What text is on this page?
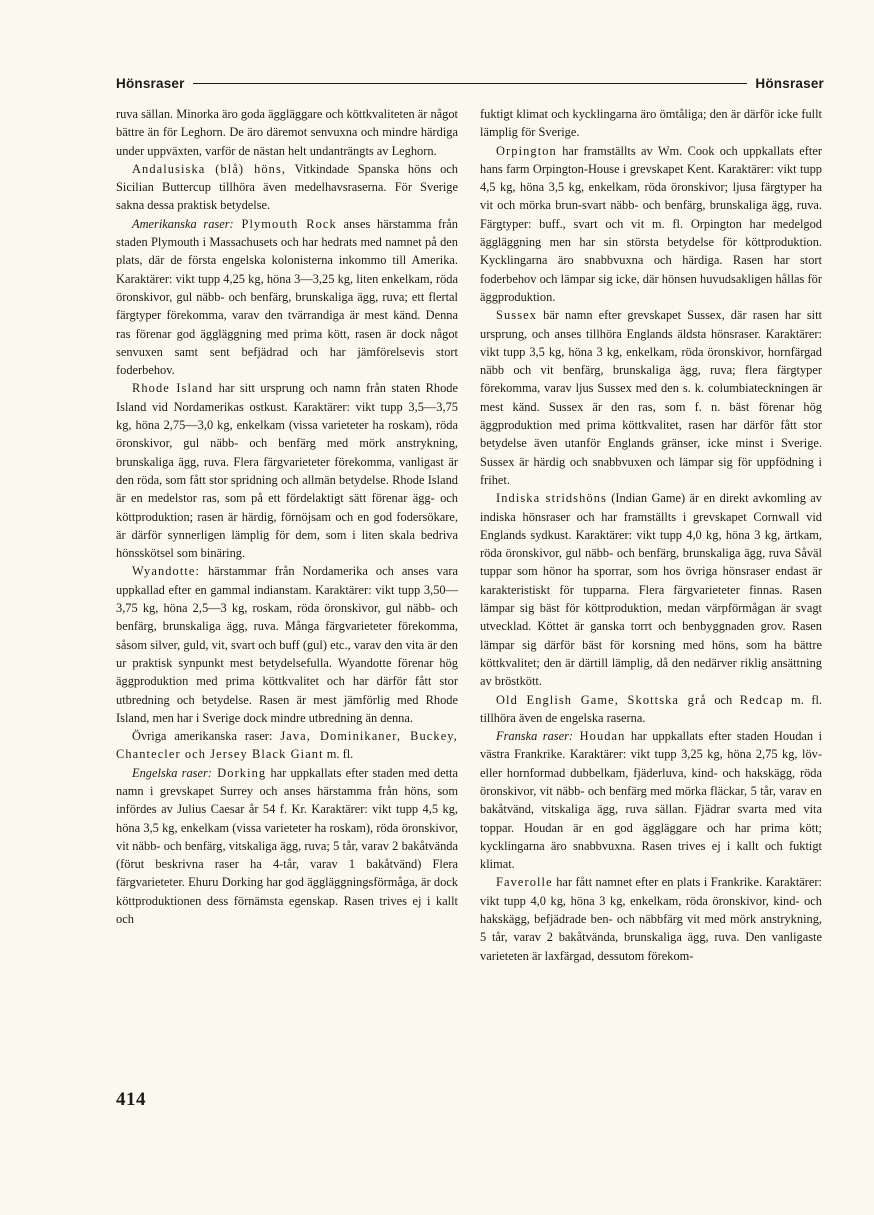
Hönsraser	Hönsraser

ruva sällan. Minorka äro goda äggläggare och köttkvaliteten är något bättre än för Leghorn. De äro däremot senvuxna och mindre härdiga under uppväxten, varför de nästan helt undanträngts av Leghorn.

Andalusiska (blå) höns, Vitkindade Spanska höns och Sicilian Buttercup tillhöra även medelhavsraserna. För Sverige sakna dessa praktisk betydelse.

Amerikanska raser: Plymouth Rock anses härstamma från staden Plymouth i Massachusets och har hedrats med namnet på den plats, där de första engelska kolonisterna inkommo till Amerika. Karaktärer: vikt tupp 4,25 kg, höna 3—3,25 kg, liten enkelkam, röda öronskivor, gul näbb- och benfärg, brunskaliga ägg, ruva; ett flertal färgtyper förekomma, varav den tvärrandiga är mest känd. Denna ras förenar god äggläggning med prima kött, rasen är dock något senvuxen samt sent befjädrad och har jämförelsevis stort foderbehov.

Rhode Island har sitt ursprung och namn från staten Rhode Island vid Nordamerikas ostkust. Karaktärer: vikt tupp 3,5—3,75 kg, höna 2,75—3,0 kg, enkelkam (vissa varieteter ha roskam), röda öronskivor, gul näbb- och benfärg med mörk anstrykning, brunskaliga ägg, ruva. Flera färgvarieteter förekomma, vanligast är den röda, som fått stor spridning och allmän betydelse. Rhode Island är en medelstor ras, som på ett fördelaktigt sätt förenar ägg- och köttproduktion; rasen är härdig, förnöjsam och en god fodersökare, är därför synnerligen lämplig för dem, som i liten skala bedriva hönsskötsel som binäring.

Wyandotte: härstammar från Nordamerika och anses vara uppkallad efter en gammal indianstam. Karaktärer: vikt tupp 3,50—3,75 kg, höna 2,5—3 kg, roskam, röda öronskivor, gul näbb- och benfärg, brunskaliga ägg, ruva. Många färgvarieteter förekomma, såsom silver, guld, vit, svart och buff (gul) etc., varav den vita är den ur praktisk synpunkt mest betydelsefulla. Wyandotte förenar hög äggproduktion med prima köttkvalitet och har därför fått stor utbredning och betydelse. Rasen är mest jämförlig med Rhode Island, men har i Sverige dock mindre utbredning än denna.

Övriga amerikanska raser: Java, Dominikaner, Buckey, Chantecler och Jersey Black Giant m. fl.

Engelska raser: Dorking har uppkallats efter staden med detta namn i grevskapet Surrey och anses härstamma från höns, som infördes av Julius Caesar år 54 f. Kr. Karaktärer: vikt tupp 4,5 kg, höna 3,5 kg, enkelkam (vissa varieteter ha roskam), röda öronskivor, vit näbb- och benfärg, vitskaliga ägg, ruva; 5 tår, varav 2 bakåtvända (förut beskrivna raser ha 4-tår, varav 1 bakåtvänd) Flera färgvarieteter. Ehuru Dorking har god äggläggningsförmåga, är dock köttproduktionen dess förnämsta egenskap. Rasen trives ej i kallt och

fuktigt klimat och kycklingarna äro ömtåliga; den är därför icke fullt lämplig för Sverige.

Orpington har framställts av Wm. Cook och uppkallats efter hans farm Orpington-House i grevskapet Kent. Karaktärer: vikt tupp 4,5 kg, höna 3,5 kg, enkelkam, röda öronskivor; ljusa färgtyper ha vit och mörka brun-svart näbb- och benfärg, brunskaliga ägg, ruva. Färgtyper: buff., svart och vit m. fl. Orpington har medelgod äggläggning men har sin största betydelse för köttproduktion. Kycklingarna äro snabbvuxna och härdiga. Rasen har stort foderbehov och lämpar sig icke, där hönsen huvudsakligen hållas för äggproduktion.

Sussex bär namn efter grevskapet Sussex, där rasen har sitt ursprung, och anses tillhöra Englands äldsta hönsraser. Karaktärer: vikt tupp 3,5 kg, höna 3 kg, enkelkam, röda öronskivor, hornfärgad näbb och vit benfärg, brunskaliga ägg, ruva; flera färgtyper förekomma, varav ljus Sussex med den s. k. columbiateckningen är mest känd. Sussex är den ras, som f. n. bäst förenar hög äggproduktion med prima köttkvalitet, rasen har därför fått stor betydelse även utanför Englands gränser, icke minst i Sverige. Sussex är härdig och snabbvuxen och lämpar sig för uppfödning i frihet.

Indiska stridshöns (Indian Game) är en direkt avkomling av indiska hönsraser och har framställts i grevskapet Cornwall vid Englands sydkust. Karaktärer: vikt tupp 4,0 kg, höna 3 kg, ärtkam, röda öronskivor, gul näbb- och benfärg, brunskaliga ägg, ruva Såväl tuppar som hönor ha sporrar, som hos övriga hönsraser endast är karakteristiskt för tupparna. Flera färgvarieteter finnas. Rasen lämpar sig bäst för köttproduktion, medan värpförmågan är svagt utvecklad. Köttet är ganska torrt och benbyggnaden grov. Rasen lämpar sig därför bäst för korsning med höns, som ha bättre köttkvalitet; den är därtill lämplig, då den nedärver riklig ansättning av bröstkött.

Old English Game, Skottska grå och Redcap m. fl. tillhöra även de engelska raserna.

Franska raser: Houdan har uppkallats efter staden Houdan i västra Frankrike. Karaktärer: vikt tupp 3,25 kg, höna 2,75 kg, löv- eller hornformad dubbelkam, fjäderluva, kind- och hakskägg, röda öronskivor, vit näbb- och benfärg med mörka fläckar, 5 tår, varav en bakåtvänd, vitskaliga ägg, ruva sällan. Fjädrar svarta med vita toppar. Houdan är en god äggläggare och har prima kött; kycklingarna äro snabbvuxna. Rasen trives ej i kallt och fuktigt klimat.

Faverolle har fått namnet efter en plats i Frankrike. Karaktärer: vikt tupp 4,0 kg, höna 3 kg, enkelkam, röda öronskivor, kind- och hakskägg, befjädrade ben- och näbbfärg vit med mörk anstrykning, 5 tår, varav 2 bakåtvända, brunskaliga ägg, ruva. Den vanligaste varieteten är laxfärgad, dessutom förekom-

414
